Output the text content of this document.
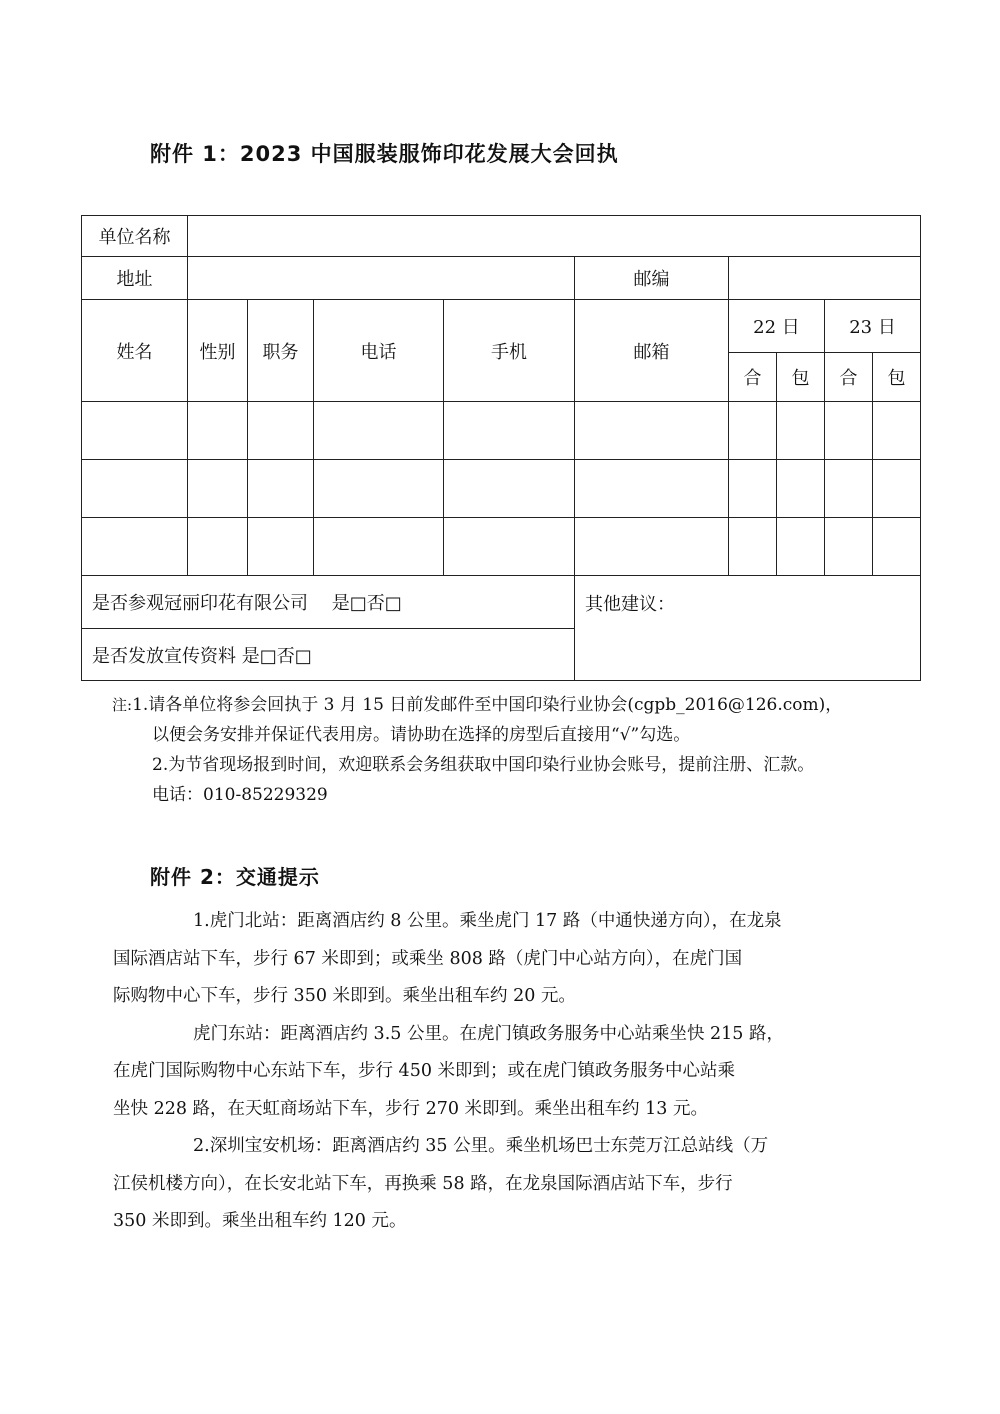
附件 1：2023 中国服装服饰印花发展大会回执
单位名称									
地址					邮编				
姓名	性别	职务	电话	手机	邮箱	22 日		23 日	
						合	包	合	包

是否参观冠丽印花有限公司　 是□否□					其他建议：				
是否发放宣传资料 是□否□									
注:1.请各单位将参会回执于 3 月 15 日前发邮件至中国印染行业协会(cgpb_2016@126.com)，
以便会务安排并保证代表用房。请协助在选择的房型后直接用“√”勾选。
2.为节省现场报到时间，欢迎联系会务组获取中国印染行业协会账号，提前注册、汇款。
电话：010-85229329
附件 2：交通提示
1.虎门北站：距离酒店约 8 公里。乘坐虎门 17 路（中通快递方向），在龙泉
国际酒店站下车，步行 67 米即到；或乘坐 808 路（虎门中心站方向），在虎门国
际购物中心下车，步行 350 米即到。乘坐出租车约 20 元。
虎门东站：距离酒店约 3.5 公里。在虎门镇政务服务中心站乘坐快 215 路，
在虎门国际购物中心东站下车，步行 450 米即到；或在虎门镇政务服务中心站乘
坐快 228 路，在天虹商场站下车，步行 270 米即到。乘坐出租车约 13 元。
2.深圳宝安机场：距离酒店约 35 公里。乘坐机场巴士东莞万江总站线（万
江侯机楼方向），在长安北站下车，再换乘 58 路，在龙泉国际酒店站下车，步行
350 米即到。乘坐出租车约 120 元。
